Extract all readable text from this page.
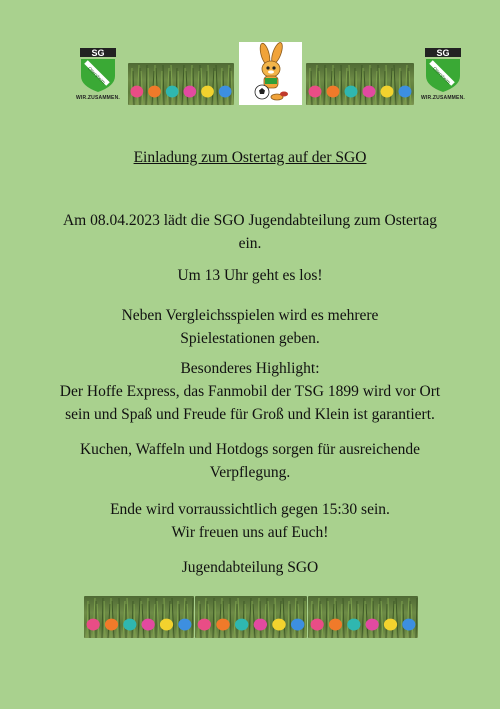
SG
Ottersheim
WIR.ZUSAMMEN.
SG
Ottersheim
WIR.ZUSAMMEN.
Einladung zum Ostertag auf der SGO
Am 08.04.2023 lädt die SGO Jugendabteilung zum Ostertag
ein.
Um 13 Uhr geht es los!
Neben Vergleichsspielen wird es mehrere
Spielestationen geben.
Besonderes Highlight:
Der Hoffe Express, das Fanmobil der TSG 1899 wird vor Ort
sein und Spaß und Freude für Groß und Klein ist garantiert.
Kuchen, Waffeln und Hotdogs sorgen für ausreichende
Verpflegung.
Ende wird vorraussichtlich gegen 15:30 sein.
Wir freuen uns auf Euch!
Jugendabteilung SGO
